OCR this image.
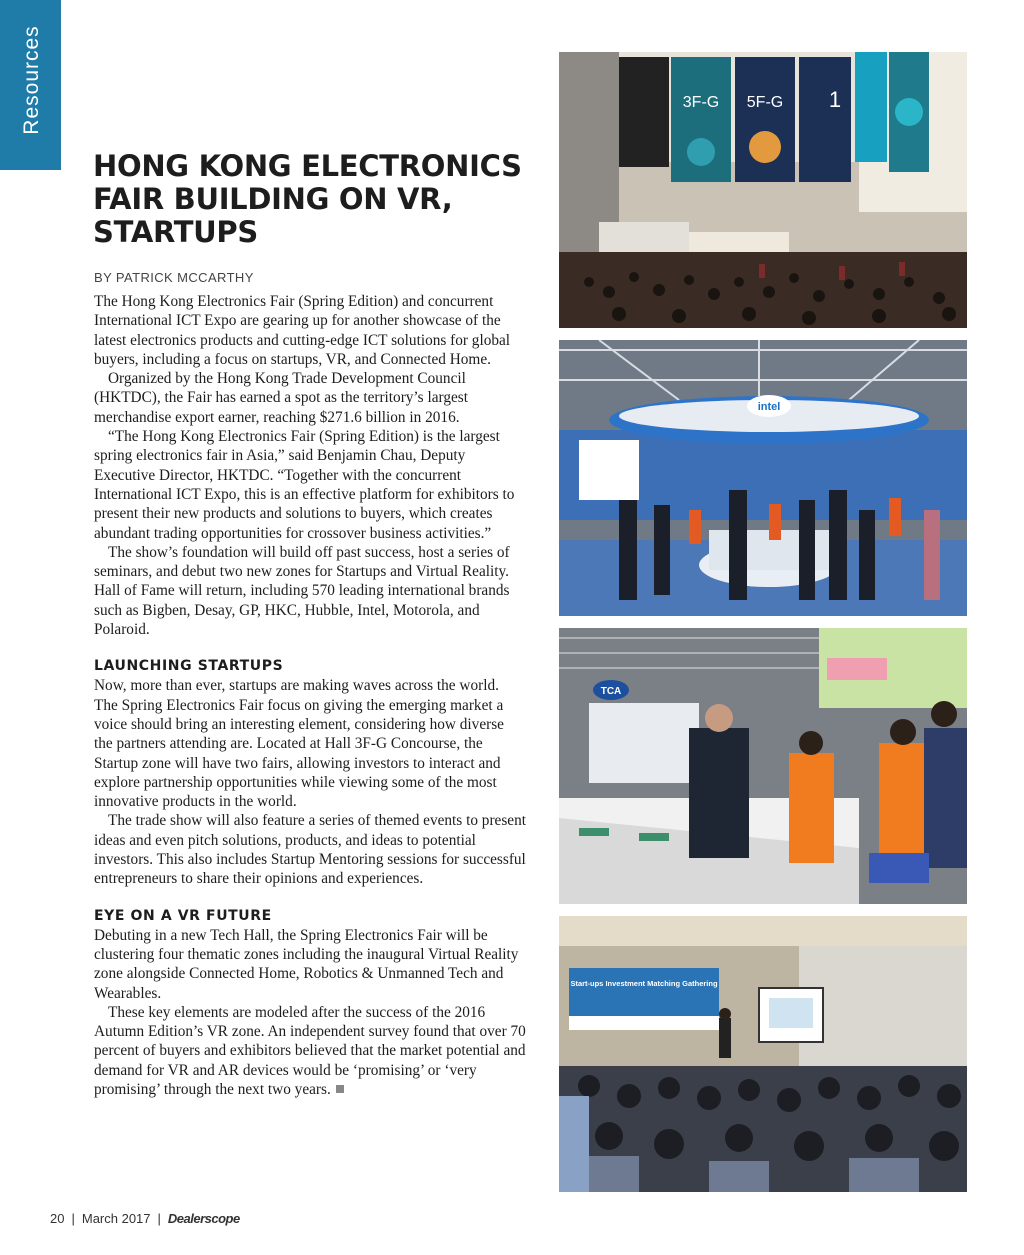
Resources
HONG KONG ELECTRONICS FAIR BUILDING ON VR, STARTUPS
BY PATRICK MCCARTHY

The Hong Kong Electronics Fair (Spring Edition) and concurrent International ICT Expo are gearing up for another showcase of the latest electronics products and cutting-edge ICT solutions for global buyers, including a focus on startups, VR, and Connected Home.

Organized by the Hong Kong Trade Development Council (HKTDC), the Fair has earned a spot as the territory’s largest merchandise export earner, reaching $271.6 billion in 2016.

“The Hong Kong Electronics Fair (Spring Edition) is the largest spring electronics fair in Asia,” said Benjamin Chau, Deputy Executive Director, HKTDC. “Together with the concurrent International ICT Expo, this is an effective platform for exhibitors to present their new products and solutions to buyers, which creates abundant trading opportunities for crossover business activities.”

The show’s foundation will build off past success, host a series of seminars, and debut two new zones for Startups and Virtual Reality. Hall of Fame will return, including 570 leading international brands such as Bigben, Desay, GP, HKC, Hubble, Intel, Motorola, and Polaroid.

LAUNCHING STARTUPS

Now, more than ever, startups are making waves across the world. The Spring Electronics Fair focus on giving the emerging market a voice should bring an interesting element, considering how diverse the partners attending are. Located at Hall 3F-G Concourse, the Startup zone will have two fairs, allowing investors to interact and explore partnership opportunities while viewing some of the most innovative products in the world.

The trade show will also feature a series of themed events to present ideas and even pitch solutions, products, and ideas to potential investors. This also includes Startup Mentoring sessions for successful entrepreneurs to share their opinions and experiences.

EYE ON A VR FUTURE

Debuting in a new Tech Hall, the Spring Electronics Fair will be clustering four thematic zones including the inaugural Virtual Reality zone alongside Connected Home, Robotics & Unmanned Tech and Wearables.

These key elements are modeled after the success of the 2016 Autumn Edition’s VR zone. An independent survey found that over 70 percent of buyers and exhibitors believed that the market potential and demand for VR and AR devices would be ‘promising’ or ‘very promising’ through the next two years.

3F-G 5F-G 1
intel
TCA
Start-ups Investment Matching Gathering
20 | March 2017 | Dealerscope
